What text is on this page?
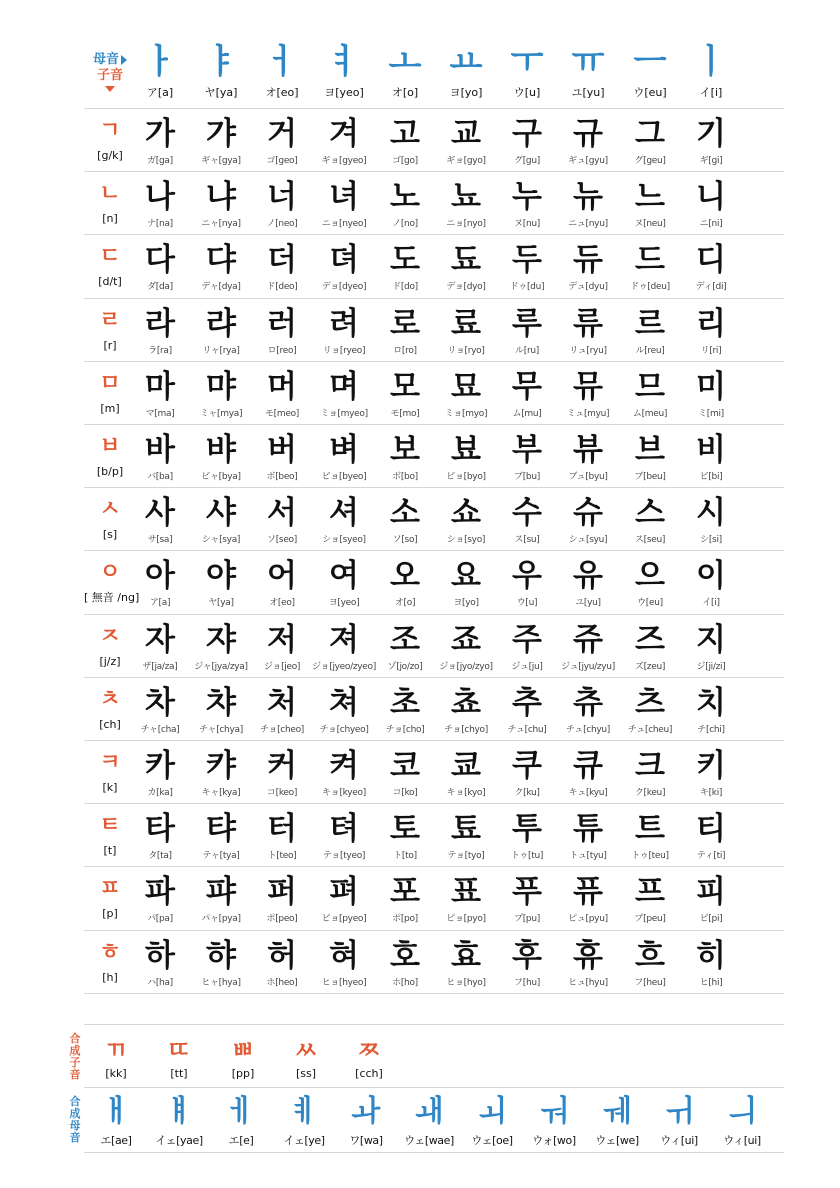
母音
子音 ㅏ
ア[a]
ㅑ
ヤ[ya]
ㅓ
オ[eo]
ㅕ
ヨ[yeo]
ㅗ
オ[o]
ㅛ
ヨ[yo]
ㅜ
ウ[u]
ㅠ
ユ[yu]
ㅡ
ウ[eu]
ㅣ
イ[i]
ㄱ
[g/k]
가
ガ[ga]
갸
ギャ[gya]
거
ゴ[geo]
겨
ギョ[gyeo]
고
ゴ[go]
교
ギョ[gyo]
구
グ[gu]
규
ギュ[gyu]
그
グ[geu]
기
ギ[gi]
ㄴ
[n]
나
ナ[na]
냐
ニャ[nya]
너
ノ[neo]
녀
ニョ[nyeo]
노
ノ[no]
뇨
ニョ[nyo]
누
ヌ[nu]
뉴
ニュ[nyu]
느
ヌ[neu]
니
ニ[ni]
ㄷ
[d/t]
다
ダ[da]
댜
デャ[dya]
더
ド[deo]
뎌
デョ[dyeo]
도
ド[do]
됴
デョ[dyo]
두
ドゥ[du]
듀
デュ[dyu]
드
ドゥ[deu]
디
ディ[di]
ㄹ
[r]
라
ラ[ra]
랴
リャ[rya]
러
ロ[reo]
려
リョ[ryeo]
로
ロ[ro]
료
リョ[ryo]
루
ル[ru]
류
リュ[ryu]
르
ル[reu]
리
リ[ri]
ㅁ
[m]
마
マ[ma]
먀
ミャ[mya]
머
モ[meo]
며
ミョ[myeo]
모
モ[mo]
묘
ミョ[myo]
무
ム[mu]
뮤
ミュ[myu]
므
ム[meu]
미
ミ[mi]
ㅂ
[b/p]
바
バ[ba]
뱌
ビャ[bya]
버
ボ[beo]
벼
ビョ[byeo]
보
ボ[bo]
뵤
ビョ[byo]
부
ブ[bu]
뷰
ブュ[byu]
브
ブ[beu]
비
ビ[bi]
ㅅ
[s]
사
サ[sa]
샤
シャ[sya]
서
ソ[seo]
셔
ショ[syeo]
소
ソ[so]
쇼
ショ[syo]
수
ス[su]
슈
シュ[syu]
스
ス[seu]
시
シ[si]
ㅇ
[ 無音 /ng]
아
ア[a]
야
ヤ[ya]
어
オ[eo]
여
ヨ[yeo]
오
オ[o]
요
ヨ[yo]
우
ウ[u]
유
ユ[yu]
으
ウ[eu]
이
イ[i]
ㅈ
[j/z]
자
ザ[ja/za]
쟈
ジャ[jya/zya]
저
ジョ[jeo]
져
ジョ[jyeo/zyeo]
조
ゾ[jo/zo]
죠
ジョ[jyo/zyo]
주
ジュ[ju]
쥬
ジュ[jyu/zyu]
즈
ズ[zeu]
지
ジ[ji/zi]
ㅊ
[ch]
차
チャ[cha]
챠
チャ[chya]
처
チョ[cheo]
쳐
チョ[chyeo]
초
チョ[cho]
쵸
チョ[chyo]
추
チュ[chu]
츄
チュ[chyu]
츠
チュ[cheu]
치
チ[chi]
ㅋ
[k]
카
カ[ka]
캬
キャ[kya]
커
コ[keo]
켜
キョ[kyeo]
코
コ[ko]
쿄
キョ[kyo]
쿠
ク[ku]
큐
キュ[kyu]
크
ク[keu]
키
キ[ki]
ㅌ
[t]
타
タ[ta]
탸
テャ[tya]
터
ト[teo]
텨
テョ[tyeo]
토
ト[to]
툐
テョ[tyo]
투
トゥ[tu]
튜
トュ[tyu]
트
トゥ[teu]
티
ティ[ti]
ㅍ
[p]
파
パ[pa]
퍄
パャ[pya]
퍼
ポ[peo]
펴
ピョ[pyeo]
포
ポ[po]
표
ピョ[pyo]
푸
プ[pu]
퓨
ピュ[pyu]
프
プ[peu]
피
ピ[pi]
ㅎ
[h]
하
ハ[ha]
햐
ヒャ[hya]
허
ホ[heo]
혀
ヒョ[hyeo]
호
ホ[ho]
효
ヒョ[hyo]
후
フ[hu]
휴
ヒュ[hyu]
흐
フ[heu]
히
ヒ[hi]
合
成
子
音
ㄲ
[kk]
ㄸ
[tt]
ㅃ
[pp]
ㅆ
[ss]
ㅉ
[cch]
合
成
母
音
ㅐ
エ[ae]
ㅒ
イェ[yae]
ㅔ
エ[e]
ㅖ
イェ[ye]
ㅘ
ワ[wa]
ㅙ
ウェ[wae]
ㅚ
ウェ[oe]
ㅝ
ウォ[wo]
ㅞ
ウェ[we]
ㅟ
ウィ[ui]
ㅢ
ウィ[ui]
